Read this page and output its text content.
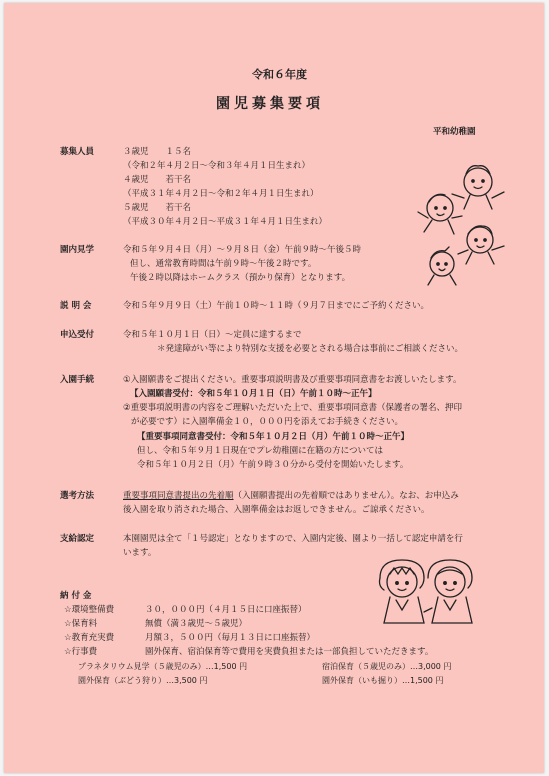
令和６年度
園児募集要項
平和幼稚園
募集人員	３歳児　　１５名
（令和２年４月２日～令和３年４月１日生まれ）
４歳児　　若干名
（平成３１年４月２日～令和２年４月１日生まれ）
５歳児　　若干名
（平成３０年４月２日～平成３１年４月１日生まれ）
園内見学	令和５年９月４日（月）～９月８日（金）午前９時～午後５時
但し、通常教育時間は午前９時～午後２時です。
午後２時以降はホームクラス（預かり保育）となります。
説 明 会	令和５年９月９日（土）午前１０時～１１時（９月７日までにご予約ください。
申込受付	令和５年１０月１日（日）～定員に達するまで
＊発達障がい等により特別な支援を必要とされる場合は事前にご相談ください。
入園手続	①入園願書をご提出ください。重要事項説明書及び重要事項同意書をお渡しいたします。
【入園願書受付：令和５年１０月１日（日）午前１０時～正午】
②重要事項説明書の内容をご理解いただいた上で、重要事項同意書（保護者の署名、押印
が必要です）に入園準備金１０，０００円を添えてお手続きください。
【重要事項同意書受付：令和５年１０月２日（月）午前１０時～正午】
但し、令和５年９月１日現在でプレ幼稚園に在籍の方については
令和５年１０月２日（月）午前９時３０分から受付を開始いたします。
選考方法	重要事項同意書提出の先着順（入園願書提出の先着順ではありません）。なお、お申込み
後入園を取り消された場合、入園準備金はお返しできません。ご諒承ください。
支給認定	本園園児は全て「１号認定」となりますので、入園内定後、園より一括して認定申請を行
います。
納 付 金
☆環境整備費	３０，０００円（４月１５日に口座振替）
☆保育料	無償（満３歳児～５歳児）
☆教育充実費	月額３，５００円（毎月１３日に口座振替）
☆行事費	園外保育、宿泊保育等で費用を実費負担または一部負担していただきます。
プラネタリウム見学（５歳児のみ）…1,500 円	宿泊保育（５歳児のみ）…3,000 円
園外保育（ぶどう狩り）…3,500 円	園外保育（いも掘り）…1,500 円
